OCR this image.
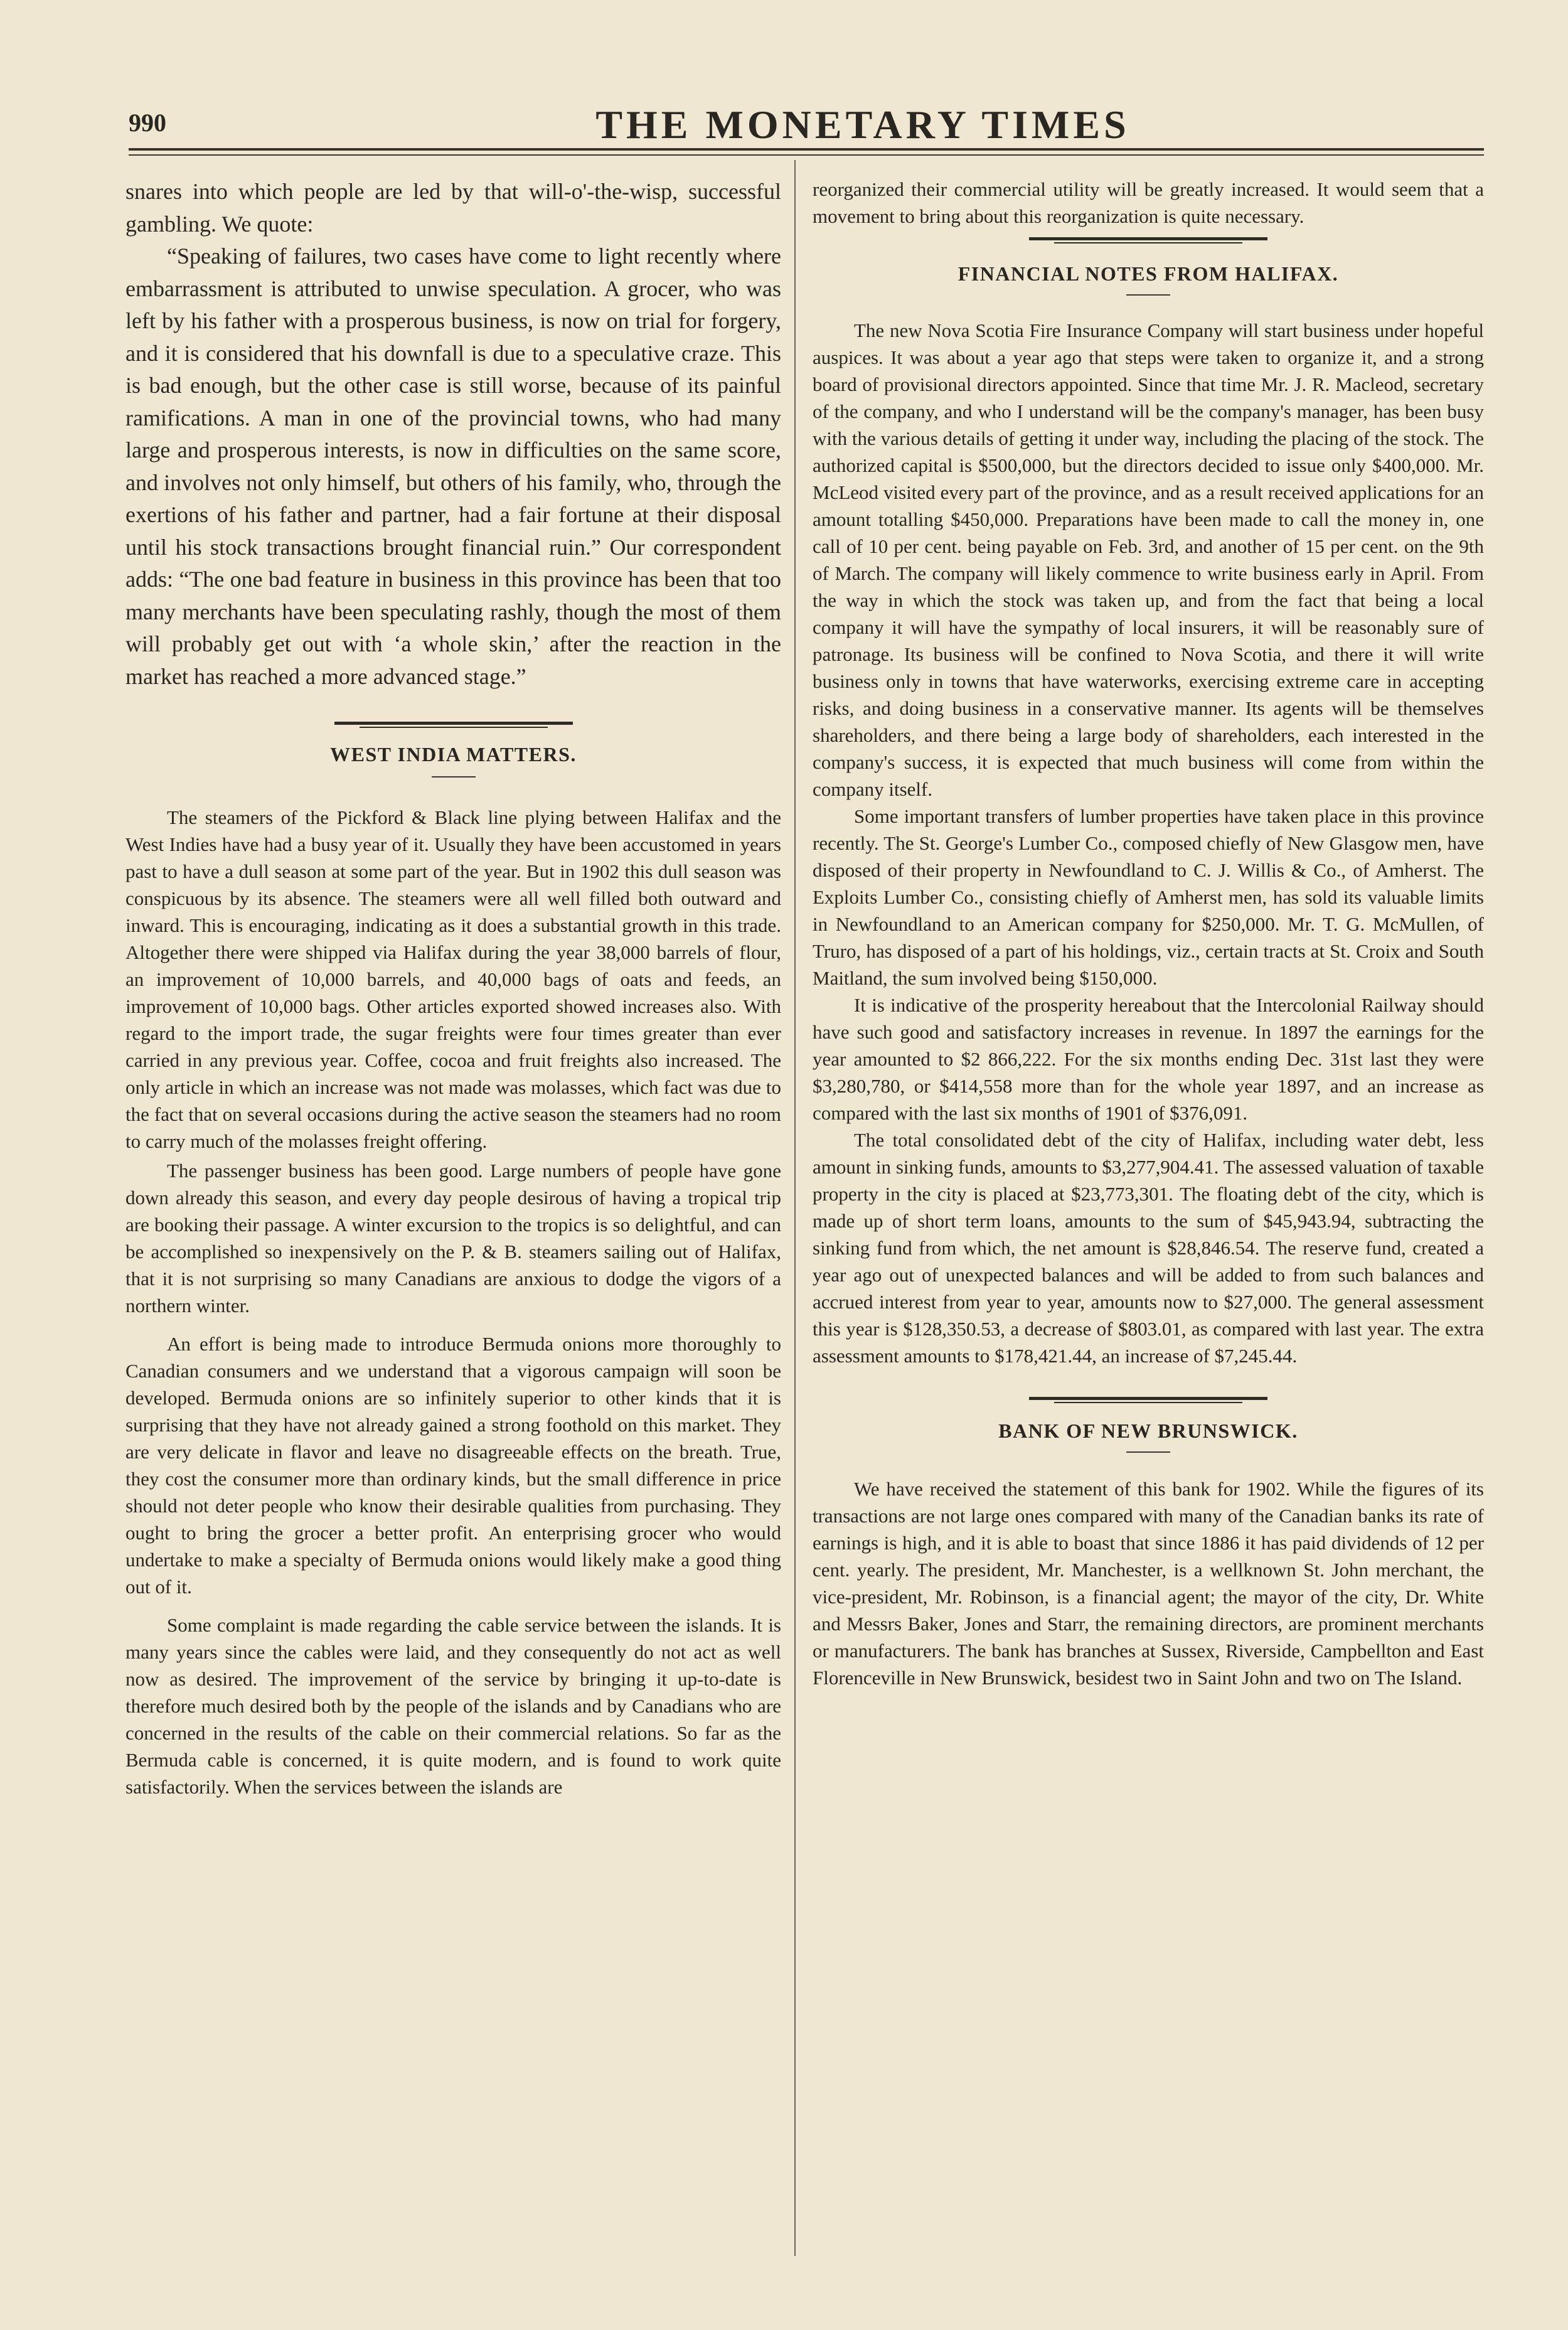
990	THE MONETARY TIMES

snares into which people are led by that will-o'-the-wisp, successful gambling. We quote:

“Speaking of failures, two cases have come to light recently where embarrassment is attributed to unwise speculation. A grocer, who was left by his father with a prosperous business, is now on trial for forgery, and it is considered that his downfall is due to a speculative craze. This is bad enough, but the other case is still worse, because of its painful ramifications. A man in one of the provincial towns, who had many large and prosperous interests, is now in difficulties on the same score, and involves not only himself, but others of his family, who, through the exertions of his father and partner, had a fair fortune at their disposal until his stock transactions brought financial ruin.” Our correspondent adds: “The one bad feature in business in this province has been that too many merchants have been speculating rashly, though the most of them will probably get out with ‘a whole skin,’ after the reaction in the market has reached a more advanced stage.”

WEST INDIA MATTERS.

The steamers of the Pickford & Black line plying between Halifax and the West Indies have had a busy year of it. Usually they have been accustomed in years past to have a dull season at some part of the year. But in 1902 this dull season was conspicuous by its absence. The steamers were all well filled both outward and inward. This is encouraging, indicating as it does a substantial growth in this trade. Altogether there were shipped via Halifax during the year 38,000 barrels of flour, an improvement of 10,000 barrels, and 40,000 bags of oats and feeds, an improvement of 10,000 bags. Other articles exported showed increases also. With regard to the import trade, the sugar freights were four times greater than ever carried in any previous year. Coffee, cocoa and fruit freights also increased. The only article in which an increase was not made was molasses, which fact was due to the fact that on several occasions during the active season the steamers had no room to carry much of the molasses freight offering.

The passenger business has been good. Large numbers of people have gone down already this season, and every day people desirous of having a tropical trip are booking their passage. A winter excursion to the tropics is so delightful, and can be accomplished so inexpensively on the P. & B. steamers sailing out of Halifax, that it is not surprising so many Canadians are anxious to dodge the vigors of a northern winter.

An effort is being made to introduce Bermuda onions more thoroughly to Canadian consumers and we understand that a vigorous campaign will soon be developed. Bermuda onions are so infinitely superior to other kinds that it is surprising that they have not already gained a strong foothold on this market. They are very delicate in flavor and leave no disagreeable effects on the breath. True, they cost the consumer more than ordinary kinds, but the small difference in price should not deter people who know their desirable qualities from purchasing. They ought to bring the grocer a better profit. An enterprising grocer who would undertake to make a specialty of Bermuda onions would likely make a good thing out of it.

Some complaint is made regarding the cable service between the islands. It is many years since the cables were laid, and they consequently do not act as well now as desired. The improvement of the service by bringing it up-to-date is therefore much desired both by the people of the islands and by Canadians who are concerned in the results of the cable on their commercial relations. So far as the Bermuda cable is concerned, it is quite modern, and is found to work quite satisfactorily. When the services between the islands are

reorganized their commercial utility will be greatly increased. It would seem that a movement to bring about this reorganization is quite necessary.

FINANCIAL NOTES FROM HALIFAX.

The new Nova Scotia Fire Insurance Company will start business under hopeful auspices. It was about a year ago that steps were taken to organize it, and a strong board of provisional directors appointed. Since that time Mr. J. R. Macleod, secretary of the company, and who I understand will be the company's manager, has been busy with the various details of getting it under way, including the placing of the stock. The authorized capital is $500,000, but the directors decided to issue only $400,000. Mr. McLeod visited every part of the province, and as a result received applications for an amount totalling $450,000. Preparations have been made to call the money in, one call of 10 per cent. being payable on Feb. 3rd, and another of 15 per cent. on the 9th of March. The company will likely commence to write business early in April. From the way in which the stock was taken up, and from the fact that being a local company it will have the sympathy of local insurers, it will be reasonably sure of patronage. Its business will be confined to Nova Scotia, and there it will write business only in towns that have waterworks, exercising extreme care in accepting risks, and doing business in a conservative manner. Its agents will be themselves shareholders, and there being a large body of shareholders, each interested in the company's success, it is expected that much business will come from within the company itself.

Some important transfers of lumber properties have taken place in this province recently. The St. George's Lumber Co., composed chiefly of New Glasgow men, have disposed of their property in Newfoundland to C. J. Willis & Co., of Amherst. The Exploits Lumber Co., consisting chiefly of Amherst men, has sold its valuable limits in Newfoundland to an American company for $250,000. Mr. T. G. McMullen, of Truro, has disposed of a part of his holdings, viz., certain tracts at St. Croix and South Maitland, the sum involved being $150,000.

It is indicative of the prosperity hereabout that the Intercolonial Railway should have such good and satisfactory increases in revenue. In 1897 the earnings for the year amounted to $2 866,222. For the six months ending Dec. 31st last they were $3,280,780, or $414,558 more than for the whole year 1897, and an increase as compared with the last six months of 1901 of $376,091.

The total consolidated debt of the city of Halifax, including water debt, less amount in sinking funds, amounts to $3,277,904.41. The assessed valuation of taxable property in the city is placed at $23,773,301. The floating debt of the city, which is made up of short term loans, amounts to the sum of $45,943.94, subtracting the sinking fund from which, the net amount is $28,846.54. The reserve fund, created a year ago out of unexpected balances and will be added to from such balances and accrued interest from year to year, amounts now to $27,000. The general assessment this year is $128,350.53, a decrease of $803.01, as compared with last year. The extra assessment amounts to $178,421.44, an increase of $7,245.44.

BANK OF NEW BRUNSWICK.

We have received the statement of this bank for 1902. While the figures of its transactions are not large ones compared with many of the Canadian banks its rate of earnings is high, and it is able to boast that since 1886 it has paid dividends of 12 per cent. yearly. The president, Mr. Manchester, is a wellknown St. John merchant, the vice-president, Mr. Robinson, is a financial agent; the mayor of the city, Dr. White and Messrs Baker, Jones and Starr, the remaining directors, are prominent merchants or manufacturers. The bank has branches at Sussex, Riverside, Campbellton and East Florenceville in New Brunswick, besidest two in Saint John and two on The Island.
